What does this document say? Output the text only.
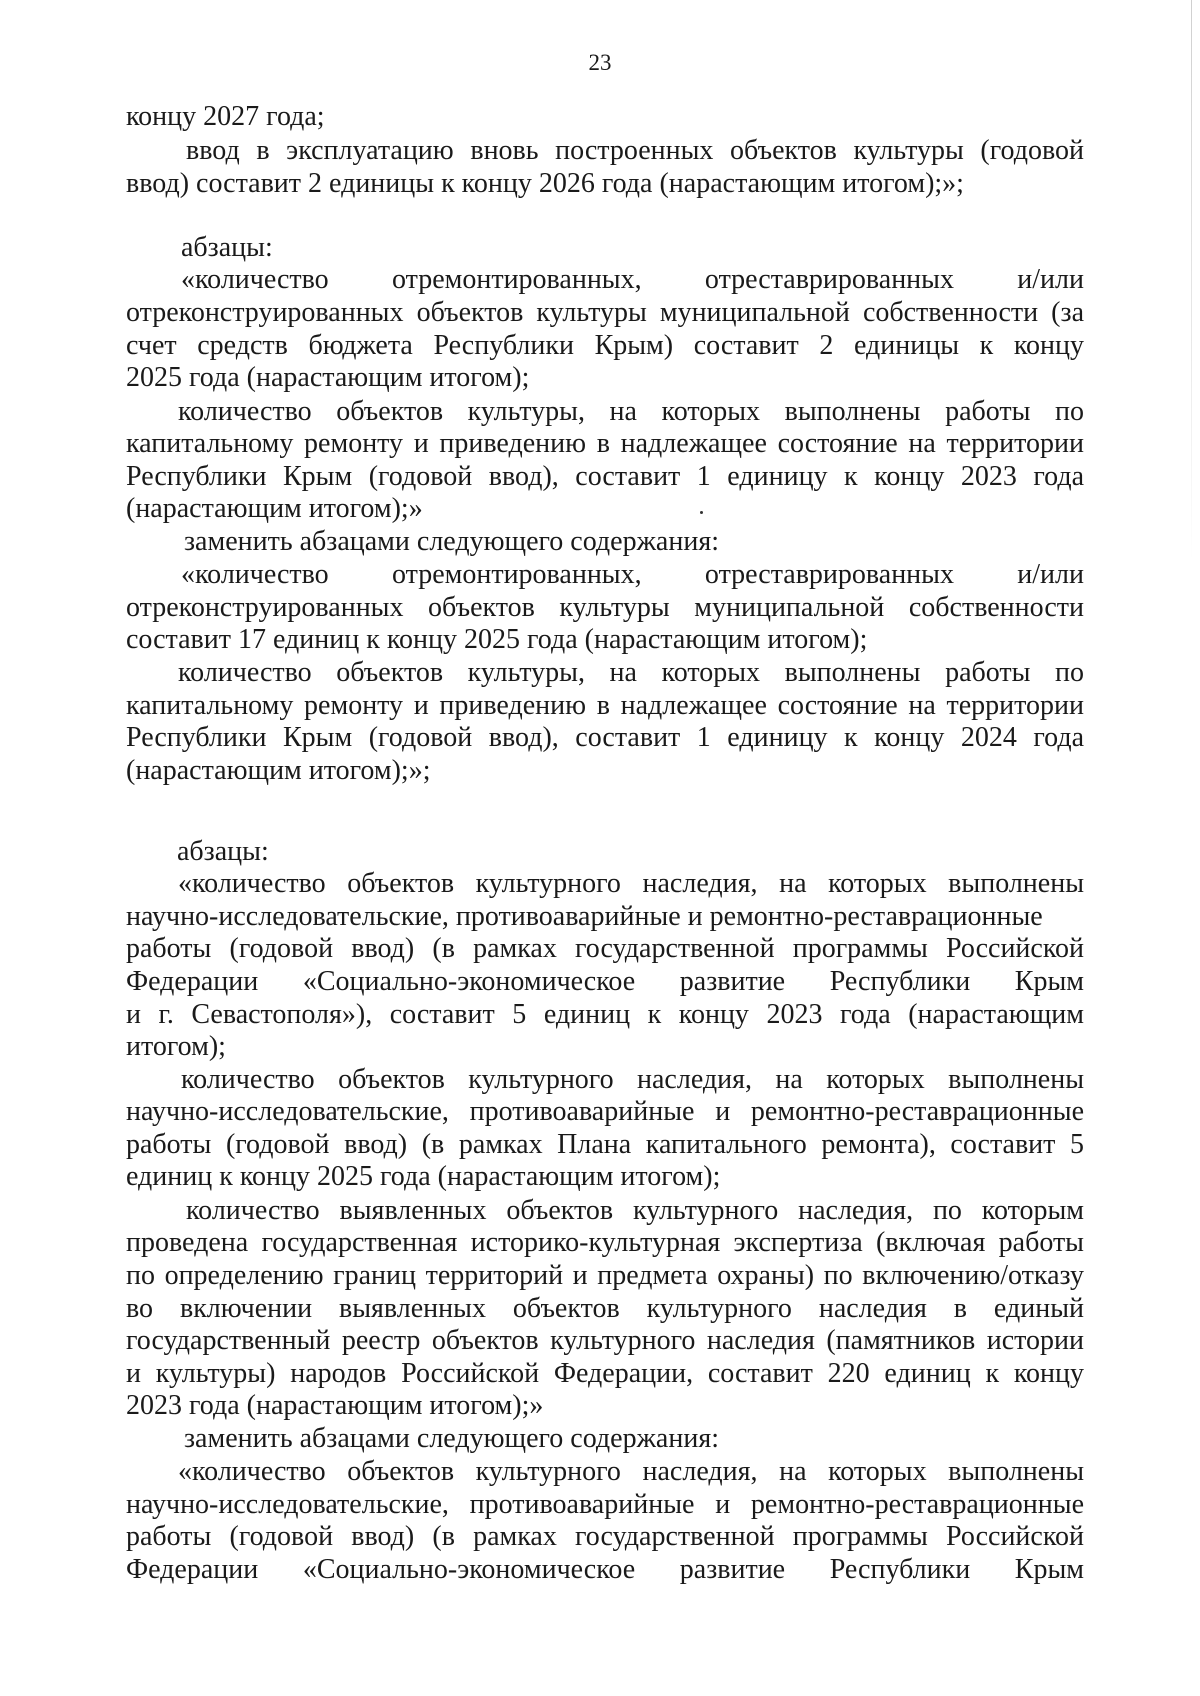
23

концу 2027 года;

ввод в эксплуатацию вновь построенных объектов культуры (годовой

ввод) составит 2 единицы к концу 2026 года (нарастающим итогом);»;

абзацы:

«количество отремонтированных, отреставрированных и/или

отреконструированных объектов культуры муниципальной собственности (за

счет средств бюджета Республики Крым) составит 2 единицы к концу

2025 года (нарастающим итогом);

количество объектов культуры, на которых выполнены работы по

капитальному ремонту и приведению в надлежащее состояние на территории

Республики Крым (годовой ввод), составит 1 единицу к концу 2023 года

(нарастающим итогом);»

заменить абзацами следующего содержания:

«количество отремонтированных, отреставрированных и/или

отреконструированных объектов культуры муниципальной собственности

составит 17 единиц к концу 2025 года (нарастающим итогом);

количество объектов культуры, на которых выполнены работы по

капитальному ремонту и приведению в надлежащее состояние на территории

Республики Крым (годовой ввод), составит 1 единицу к концу 2024 года

(нарастающим итогом);»;

абзацы:

«количество объектов культурного наследия, на которых выполнены

научно-исследовательские, противоаварийные и ремонтно-реставрационные

работы (годовой ввод) (в рамках государственной программы Российской

Федерации «Социально-экономическое развитие Республики Крым

и г. Севастополя»), составит 5 единиц к концу 2023 года (нарастающим

итогом);

количество объектов культурного наследия, на которых выполнены

научно-исследовательские, противоаварийные и ремонтно-реставрационные

работы (годовой ввод) (в рамках Плана капитального ремонта), составит 5

единиц к концу 2025 года (нарастающим итогом);

количество выявленных объектов культурного наследия, по которым

проведена государственная историко-культурная экспертиза (включая работы

по определению границ территорий и предмета охраны) по включению/отказу

во включении выявленных объектов культурного наследия в единый

государственный реестр объектов культурного наследия (памятников истории

и культуры) народов Российской Федерации, составит 220 единиц к концу

2023 года (нарастающим итогом);»

заменить абзацами следующего содержания:

«количество объектов культурного наследия, на которых выполнены

научно-исследовательские, противоаварийные и ремонтно-реставрационные

работы (годовой ввод) (в рамках государственной программы Российской

Федерации «Социально-экономическое развитие Республики Крым
